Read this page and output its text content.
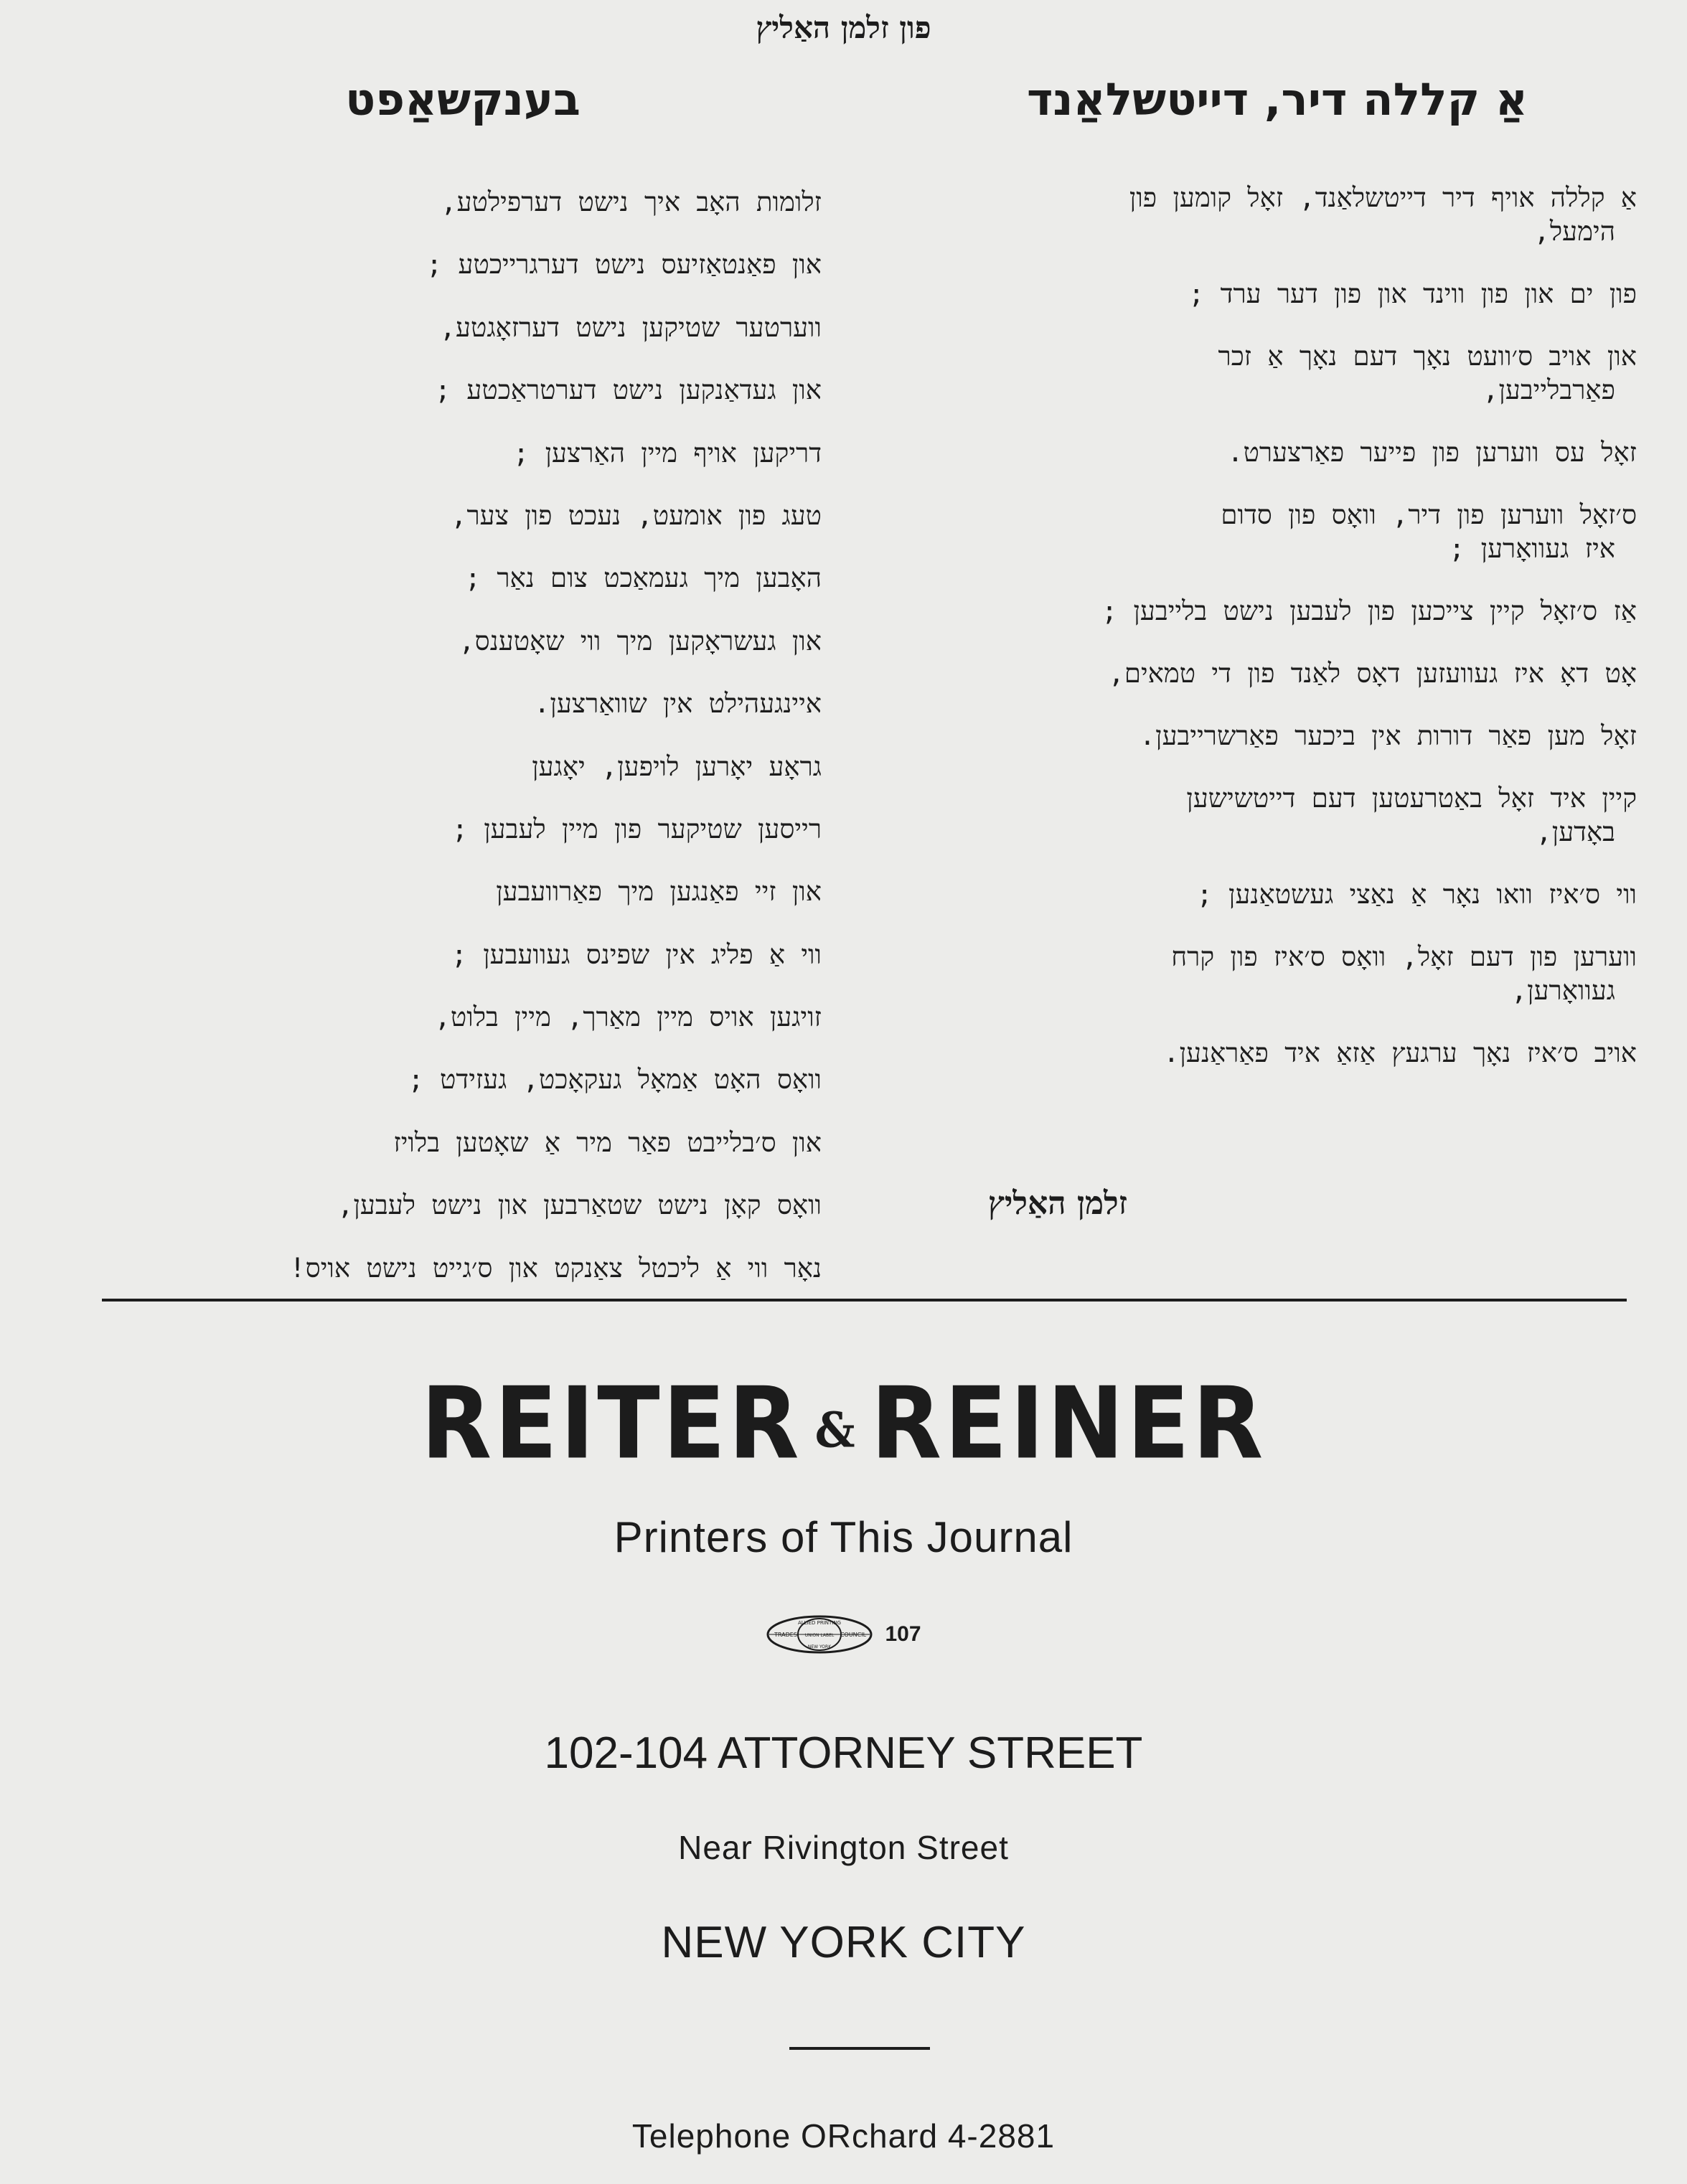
פון זלמן האַליץ
אַ קללה דיר, דייטשלאַנד
בענקשאַפט
אַ קללה אויף דיר דייטשלאַנד, זאָל קומען פון
הימעל,
פון ים און פון ווינד און פון דער ערד ;
און אויב ס׳וועט נאָך דעם נאָך אַ זכר
פאַרבלייבען,
זאָל עס ווערען פון פייער פאַרצערט.
ס׳זאָל ווערען פון דיר, וואָס פון סדום
איז געוואָרען ;
אַז ס׳זאָל קיין צייכען פון לעבען נישט בלייבען ;
אָט דאָ איז געוועזען דאָס לאַנד פון די טמאים,
זאָל מען פאַר דורות אין ביכער פאַרשרייבען.
קיין איד זאָל באַטרעטען דעם דייטשישען
באָדען,
ווי ס׳איז וואו נאָר אַ נאַצי געשטאַנען ;
ווערען פון דעם זאָל, וואָס ס׳איז פון קרח
געוואָרען,
אויב ס׳איז נאָך ערגעץ אַזאַ איד פאַראַנען.
זלומות האָב איך נישט דערפילטע,
און פאַנטאַזיעס נישט דערגרייכטע ;
ווערטער שטיקען נישט דערזאָגטע,
און געדאַנקען נישט דערטראַכטע ;
דריקען אויף מיין האַרצען ;
טעג פון אומעט, נעכט פון צער,
האָבען מיך געמאַכט צום נאַר ;
און געשראָקען מיך ווי שאָטענס,
איינגעהילט אין שוואַרצען.
גראָע יאָרען לויפען, יאָגען
רייסען שטיקער פון מיין לעבען ;
און זיי פאַנגען מיך פאַרוועבען
ווי אַ פליג אין שפינס געוועבען ;
זויגען אויס מיין מאַרך, מיין בלוט,
וואָס האָט אַמאָל געקאָכט, געזידט ;
און ס׳בלייבט פאַר מיר אַ שאָטען בלויז
וואָס קאָן נישט שטאַרבען און נישט לעבען,
נאָר ווי אַ ליכטל צאַנקט און ס׳גייט נישט אויס!
זלמן האַליץ
REITER & REINER
Printers of This Journal
ALLIED PRINTING
TRADES UNION LABEL COUNCIL
NEW YORK
107
102-104 ATTORNEY STREET
Near Rivington Street
NEW YORK CITY
Telephone ORchard 4-2881
